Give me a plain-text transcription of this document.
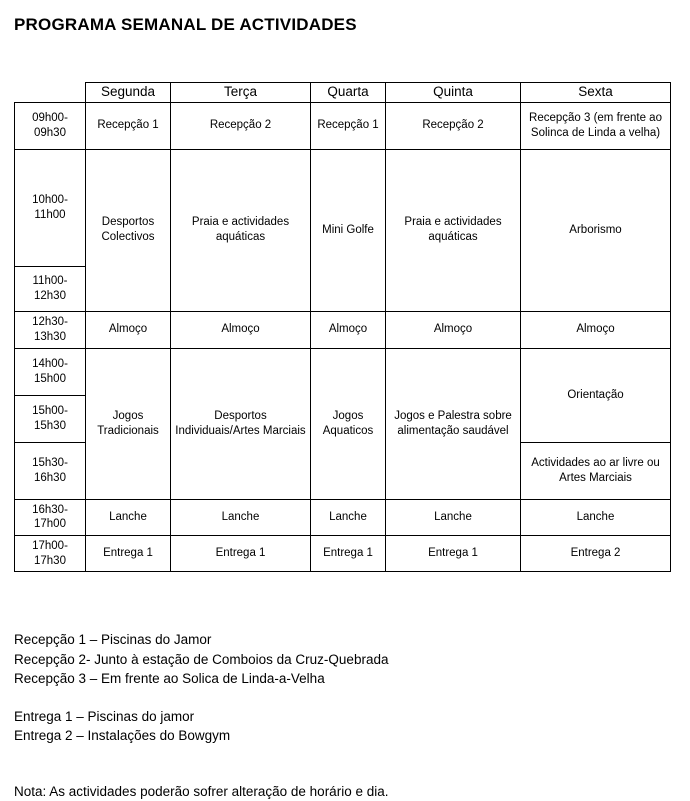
PROGRAMA SEMANAL DE ACTIVIDADES
	Segunda	Terça	Quarta	Quinta	Sexta
09h00-09h30	Recepção 1	Recepção 2	Recepção 1	Recepção 2	Recepção 3 (em frente ao Solinca de Linda a velha)
10h00-11h00	Desportos Colectivos	Praia e actividades aquáticas	Mini Golfe	Praia e actividades aquáticas	Arborismo
11h00-12h30					
12h30-13h30	Almoço	Almoço	Almoço	Almoço	Almoço
14h00-15h00	Jogos Tradicionais	Desportos Individuais/Artes Marciais	Jogos Aquaticos	Jogos e Palestra sobre alimentação saudável	Orientação
15h00-15h30					
15h30-16h30					Actividades ao ar livre ou Artes Marciais
16h30-17h00	Lanche	Lanche	Lanche	Lanche	Lanche
17h00-17h30	Entrega 1	Entrega 1	Entrega 1	Entrega 1	Entrega 2
Recepção 1 – Piscinas do Jamor
Recepção 2- Junto à estação de Comboios da Cruz-Quebrada
Recepção 3 – Em frente ao Solica de Linda-a-Velha
Entrega 1 – Piscinas do jamor
Entrega 2 – Instalações do Bowgym
Nota: As actividades poderão sofrer alteração de horário e dia.
